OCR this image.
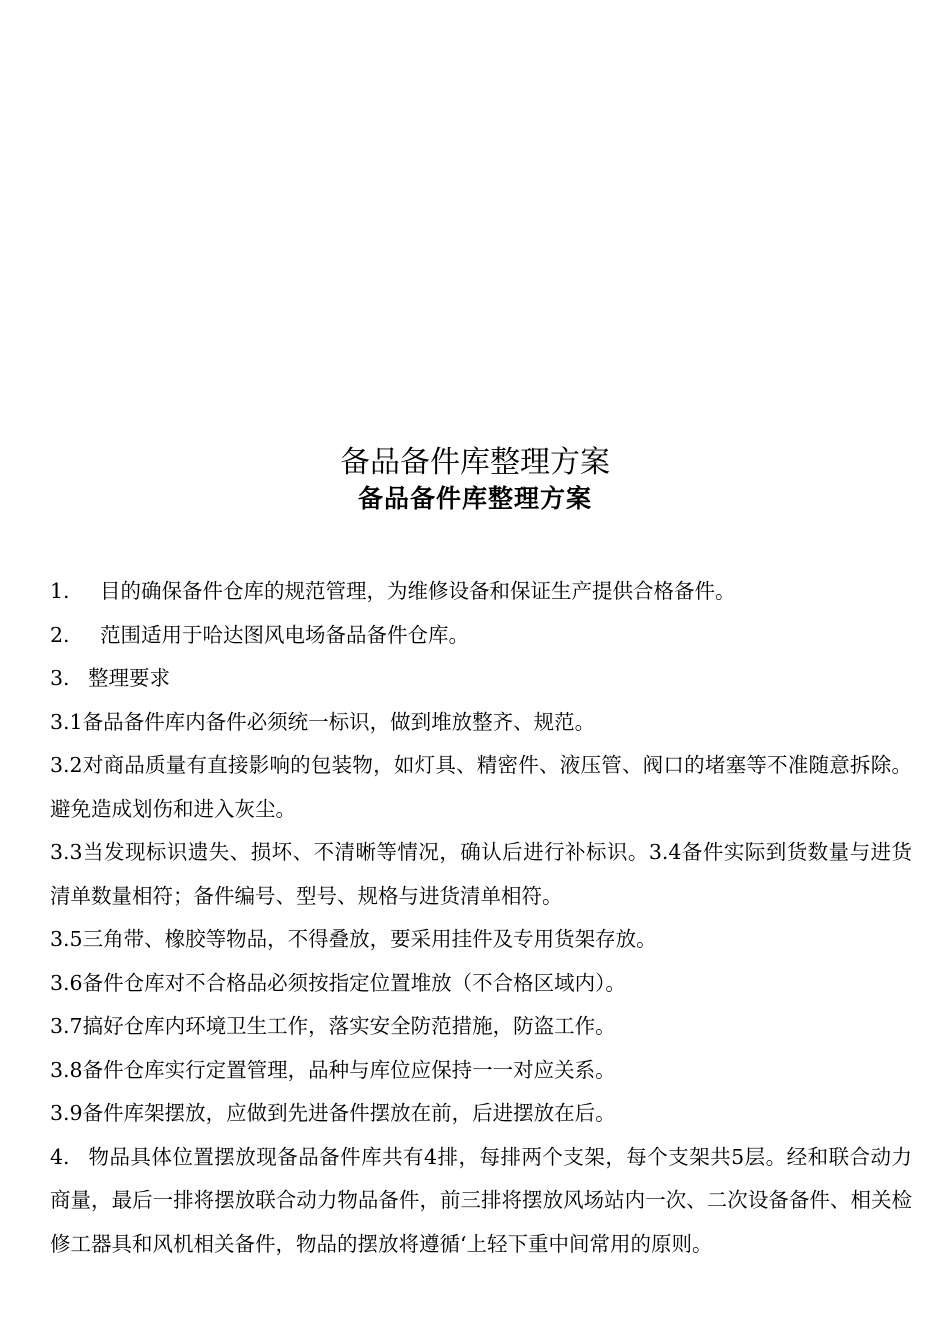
备品备件库整理方案
备品备件库整理方案

1. 目的确保备件仓库的规范管理，为维修设备和保证生产提供合格备件。

2. 范围适用于哈达图风电场备品备件仓库。

3. 整理要求

3.1备品备件库内备件必须统一标识，做到堆放整齐、规范。

3.2对商品质量有直接影响的包装物，如灯具、精密件、液压管、阀口的堵塞等不准随意拆除。避免造成划伤和进入灰尘。

3.3当发现标识遗失、损坏、不清晰等情况，确认后进行补标识。3.4备件实际到货数量与进货清单数量相符；备件编号、型号、规格与进货清单相符。

3.5三角带、橡胶等物品，不得叠放，要采用挂件及专用货架存放。

3.6备件仓库对不合格品必须按指定位置堆放（不合格区域内）。

3.7搞好仓库内环境卫生工作，落实安全防范措施，防盗工作。

3.8备件仓库实行定置管理，品种与库位应保持一一对应关系。

3.9备件库架摆放，应做到先进备件摆放在前，后进摆放在后。

4. 物品具体位置摆放现备品备件库共有4排，每排两个支架，每个支架共5层。经和联合动力商量，最后一排将摆放联合动力物品备件，前三排将摆放风场站内一次、二次设备备件、相关检修工器具和风机相关备件，物品的摆放将遵循‘上轻下重中间常用的原则。
